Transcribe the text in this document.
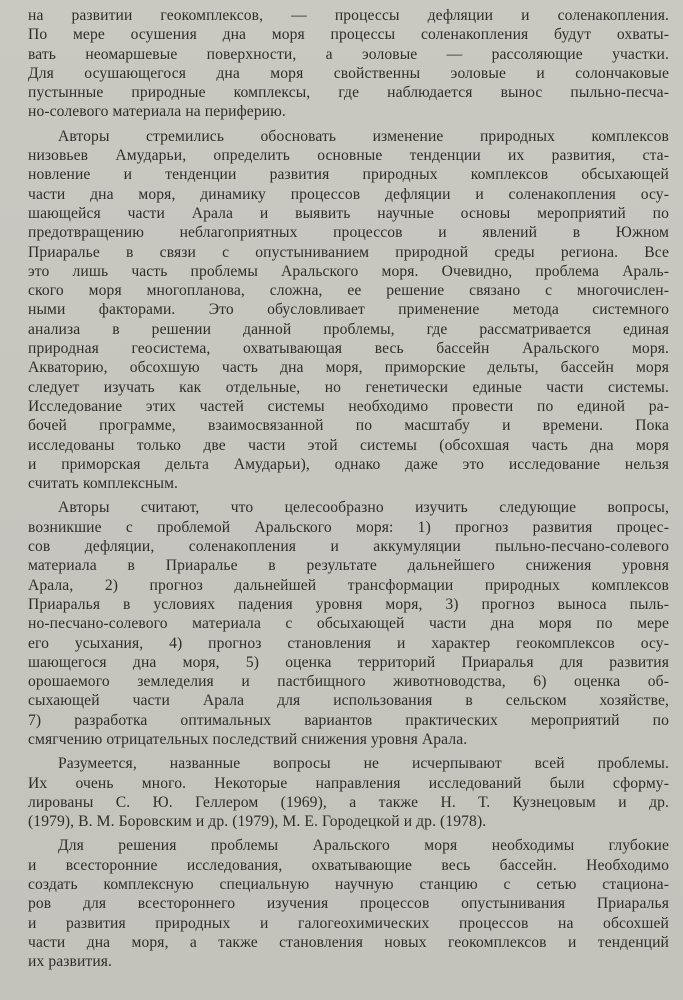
на развитии геокомплексов, — процессы дефляции и соленакопления.
По мере осушения дна моря процессы соленакопления будут охваты-
вать неомаршевые поверхности, а эоловые — рассоляющие участки.
Для осушающегося дна моря свойственны эоловые и солончаковые
пустынные природные комплексы, где наблюдается вынос пыльно-песча-
но-солевого материала на периферию.
Авторы стремились обосновать изменение природных комплексов
низовьев Амударьи, определить основные тенденции их развития, ста-
новление и тенденции развития природных комплексов обсыхающей
части дна моря, динамику процессов дефляции и соленакопления осу-
шающейся части Арала и выявить научные основы мероприятий по
предотвращению неблагоприятных процессов и явлений в Южном
Приаралье в связи с опустыниванием природной среды региона. Все
это лишь часть проблемы Аральского моря. Очевидно, проблема Араль-
ского моря многопланова, сложна, ее решение связано с многочислен-
ными факторами. Это обусловливает применение метода системного
анализа в решении данной проблемы, где рассматривается единая
природная геосистема, охватывающая весь бассейн Аральского моря.
Акваторию, обсохшую часть дна моря, приморские дельты, бассейн моря
следует изучать как отдельные, но генетически единые части системы.
Исследование этих частей системы необходимо провести по единой ра-
бочей программе, взаимосвязанной по масштабу и времени. Пока
исследованы только две части этой системы (обсохшая часть дна моря
и приморская дельта Амударьи), однако даже это исследование нельзя
считать комплексным.
Авторы считают, что целесообразно изучить следующие вопросы,
возникшие с проблемой Аральского моря: 1) прогноз развития процес-
сов дефляции, соленакопления и аккумуляции пыльно-песчано-солевого
материала в Приаралье в результате дальнейшего снижения уровня
Арала, 2) прогноз дальнейшей трансформации природных комплексов
Приаралья в условиях падения уровня моря, 3) прогноз выноса пыль-
но-песчано-солевого материала с обсыхающей части дна моря по мере
его усыхания, 4) прогноз становления и характер геокомплексов осу-
шающегося дна моря, 5) оценка территорий Приаралья для развития
орошаемого земледелия и пастбищного животноводства, 6) оценка об-
сыхающей части Арала для использования в сельском хозяйстве,
7) разработка оптимальных вариантов практических мероприятий по
смягчению отрицательных последствий снижения уровня Арала.
Разумеется, названные вопросы не исчерпывают всей проблемы.
Их очень много. Некоторые направления исследований были сформу-
лированы С. Ю. Геллером (1969), а также Н. Т. Кузнецовым и др.
(1979), В. М. Боровским и др. (1979), М. Е. Городецкой и др. (1978).
Для решения проблемы Аральского моря необходимы глубокие
и всесторонние исследования, охватывающие весь бассейн. Необходимо
создать комплексную специальную научную станцию с сетью стациона-
ров для всестороннего изучения процессов опустынивания Приаралья
и развития природных и галогеохимических процессов на обсохшей
части дна моря, а также становления новых геокомплексов и тенденций
их развития.
